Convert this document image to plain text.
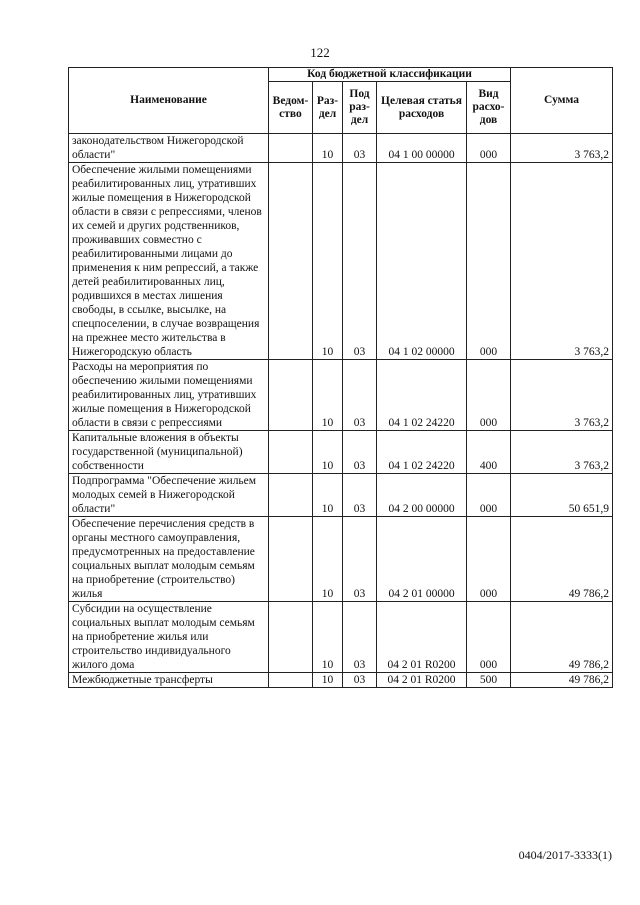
122
Наименование	Код бюджетной классификации					Сумма
	Ведом-ство	Раз-дел	Под раз-дел	Целевая статья расходов	Вид расхо-дов	
законодательством Нижегородской области"		10	03	04 1 00 00000	000	3 763,2
Обеспечение жилыми помещениями реабилитированных лиц, утративших жилые помещения в Нижегородской области в связи с репрессиями, членов их семей и других родственников, проживавших совместно с реабилитированными лицами до применения к ним репрессий, а также детей реабилитированных лиц, родившихся в местах лишения свободы, в ссылке, высылке, на спецпоселении, в случае возвращения на прежнее место жительства в Нижегородскую область		10	03	04 1 02 00000	000	3 763,2
Расходы на мероприятия по обеспечению жилыми помещениями реабилитированных лиц, утративших жилые помещения в Нижегородской области в связи с репрессиями		10	03	04 1 02 24220	000	3 763,2
Капитальные вложения в объекты государственной (муниципальной) собственности		10	03	04 1 02 24220	400	3 763,2
Подпрограмма "Обеспечение жильем молодых семей в Нижегородской области"		10	03	04 2 00 00000	000	50 651,9
Обеспечение перечисления средств в органы местного самоуправления, предусмотренных на предоставление социальных выплат молодым семьям на приобретение (строительство) жилья		10	03	04 2 01 00000	000	49 786,2
Субсидии на осуществление социальных выплат молодым семьям на приобретение жилья или строительство индивидуального жилого дома		10	03	04 2 01 R0200	000	49 786,2
Межбюджетные трансферты		10	03	04 2 01 R0200	500	49 786,2
0404/2017-3333(1)
